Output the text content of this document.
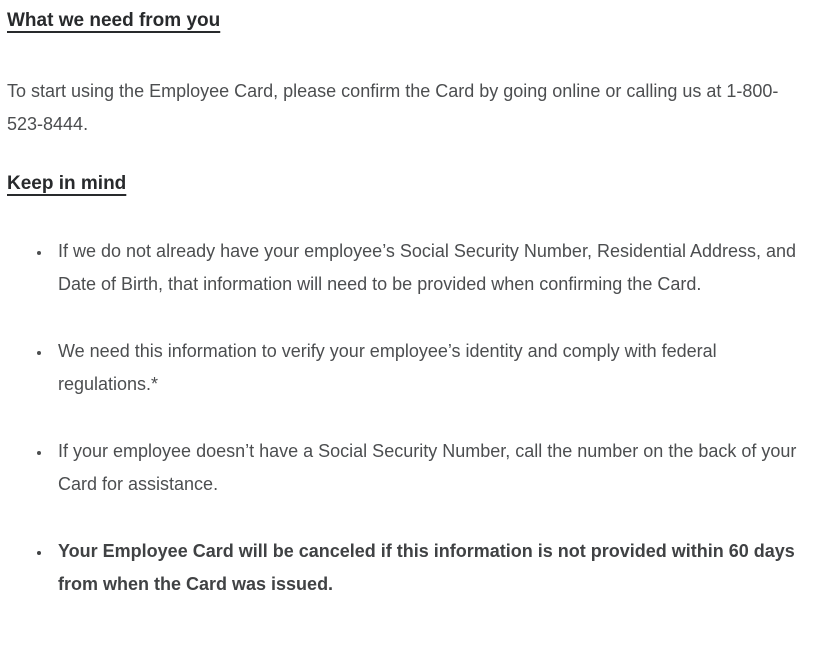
What we need from you

To start using the Employee Card, please confirm the Card by going online or calling us at 1-800-523-8444.

Keep in mind
• If we do not already have your employee’s Social Security Number, Residential Address, and Date of Birth, that information will need to be provided when confirming the Card.
• We need this information to verify your employee’s identity and comply with federal regulations.*
• If your employee doesn’t have a Social Security Number, call the number on the back of your Card for assistance.
• Your Employee Card will be canceled if this information is not provided within 60 days from when the Card was issued.
